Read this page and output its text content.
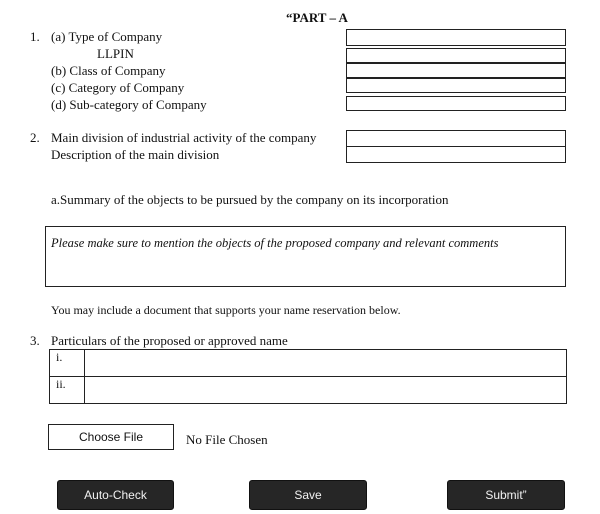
“PART – A
1. (a) Type of Company
LLPIN
(b) Class of Company
(c) Category of Company
(d) Sub-category of Company
2. Main division of industrial activity of the company
Description of the main division
a.Summary of the objects to be pursued by the company on its incorporation
Please make sure to mention the objects of the proposed company and relevant comments
You may include a document that supports your name reservation below.
3. Particulars of the proposed or approved name
i.	
ii.	
Choose File	No File Chosen
Auto-Check	Save	Submit”
